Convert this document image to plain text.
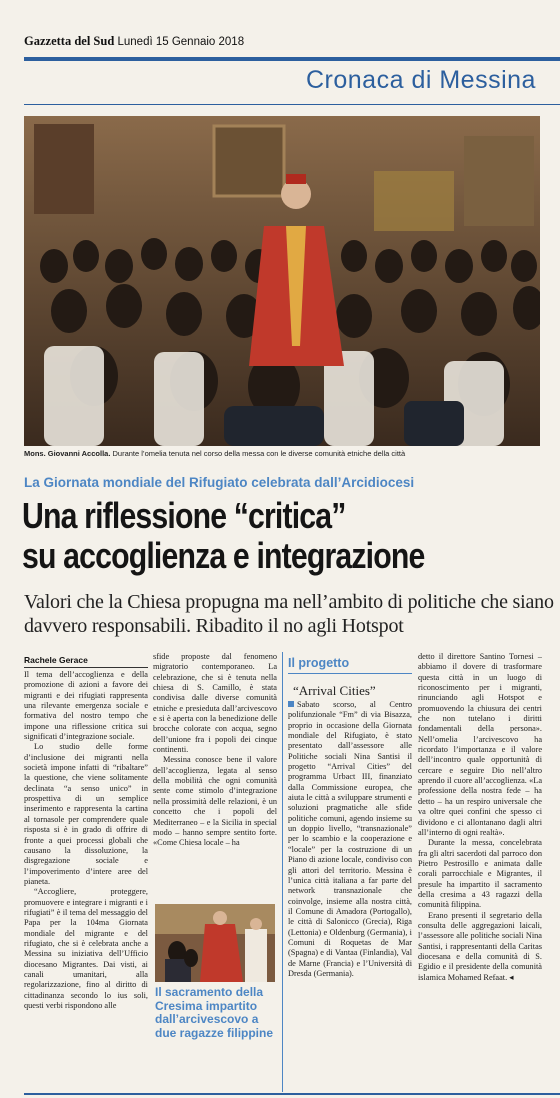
Gazzetta del Sud Lunedì 15 Gennaio 2018
Cronaca di Messina
Mons. Giovanni Accolla. Durante l’omelia tenuta nel corso della messa con le diverse comunità etniche della città
La Giornata mondiale del Rifugiato celebrata dall’Arcidiocesi
Una riflessione “critica”
su accoglienza e integrazione
Valori che la Chiesa propugna ma nell’ambito di politiche che siano davvero responsabili. Ribadito il no agli Hotspot
Rachele Gerace

Il tema dell’accoglienza e della promozione di azioni a favore dei migranti e dei rifugiati rappresenta una rilevante emergenza sociale e formativa del nostro tempo che impone una riflessione critica sui significati d’integrazione sociale.

Lo studio delle forme d’inclusione dei migranti nella società impone infatti di “ribaltare” la questione, che viene solitamente declinata “a senso unico” in prospettiva di un semplice inserimento e rappresenta la cartina al tornasole per comprendere quale risposta si è in grado di offrire di fronte a quei processi globali che causano la dissoluzione, la disgregazione sociale e l’impoverimento d’intere aree del pianeta.

“Accogliere, proteggere, promuovere e integrare i migranti e i rifugiati” è il tema del messaggio del Papa per la 104ma Giornata mondiale del migrante e del rifugiato, che si è celebrata anche a Messina su iniziativa dell’Ufficio diocesano Migrantes. Dai visti, ai canali umanitari, alla regolarizzazione, fino al diritto di cittadinanza secondo lo ius soli, questi verbi rispondono alle

sfide proposte dal fenomeno migratorio contemporaneo. La celebrazione, che si è tenuta nella chiesa di S. Camillo, è stata condivisa dalle diverse comunità etniche e presieduta dall’arcivescovo e si è aperta con la benedizione delle brocche colorate con acqua, segno dell’unione fra i popoli dei cinque continenti.

Messina conosce bene il valore dell’accoglienza, legata al senso della mobilità che ogni comunità sente come stimolo d’integrazione nella prossimità delle relazioni, è un concetto che i popoli del Mediterraneo – e la Sicilia in special modo – hanno sempre sentito forte. «Come Chiesa locale – ha

Il sacramento della Cresima impartito dall’arcivescovo a due ragazze filippine
Il progetto
“Arrival Cities”

Sabato scorso, al Centro polifunzionale “Fm” di via Bisazza, proprio in occasione della Giornata mondiale del Rifugiato, è stato presentato dall’assessore alle Politiche sociali Nina Santisi il progetto “Arrival Cities” del programma Urbact III, finanziato dalla Commissione europea, che aiuta le città a sviluppare strumenti e soluzioni pragmatiche alle sfide politiche comuni, agendo insieme su un doppio livello, “transnazionale” per lo scambio e la cooperazione e “locale” per la costruzione di un Piano di azione locale, condiviso con gli attori del territorio. Messina è l’unica città italiana a far parte del network transnazionale che coinvolge, insieme alla nostra città, il Comune di Amadora (Portogallo), le città di Salonicco (Grecia), Riga (Lettonia) e Oldenburg (Germania), i Comuni di Roquetas de Mar (Spagna) e di Vantaa (Finlandia), Val de Marne (Francia) e l’Università di Dresda (Germania).

detto il direttore Santino Tornesi – abbiamo il dovere di trasformare questa città in un luogo di riconoscimento per i migranti, rinunciando agli Hotspot e promuovendo la chiusura dei centri che non tutelano i diritti fondamentali della persona». Nell’omelia l’arcivescovo ha ricordato l’importanza e il valore dell’incontro quale opportunità di cercare e seguire Dio nell’altro aprendo il cuore all’accoglienza. «La professione della nostra fede – ha detto – ha un respiro universale che va oltre quei confini che spesso ci dividono e ci allontanano dagli altri all’interno di ogni realtà».

Durante la messa, concelebrata fra gli altri sacerdoti dal parroco don Pietro Pestrosillo e animata dalle corali parrocchiale e Migrantes, il presule ha impartito il sacramento della cresima a 43 ragazzi della comunità filippina.

Erano presenti il segretario della consulta delle aggregazioni laicali, l’assessore alle politiche sociali Nina Santisi, i rappresentanti della Caritas diocesana e della comunità di S. Egidio e il presidente della comunità islamica Mohamed Refaat. ◂
